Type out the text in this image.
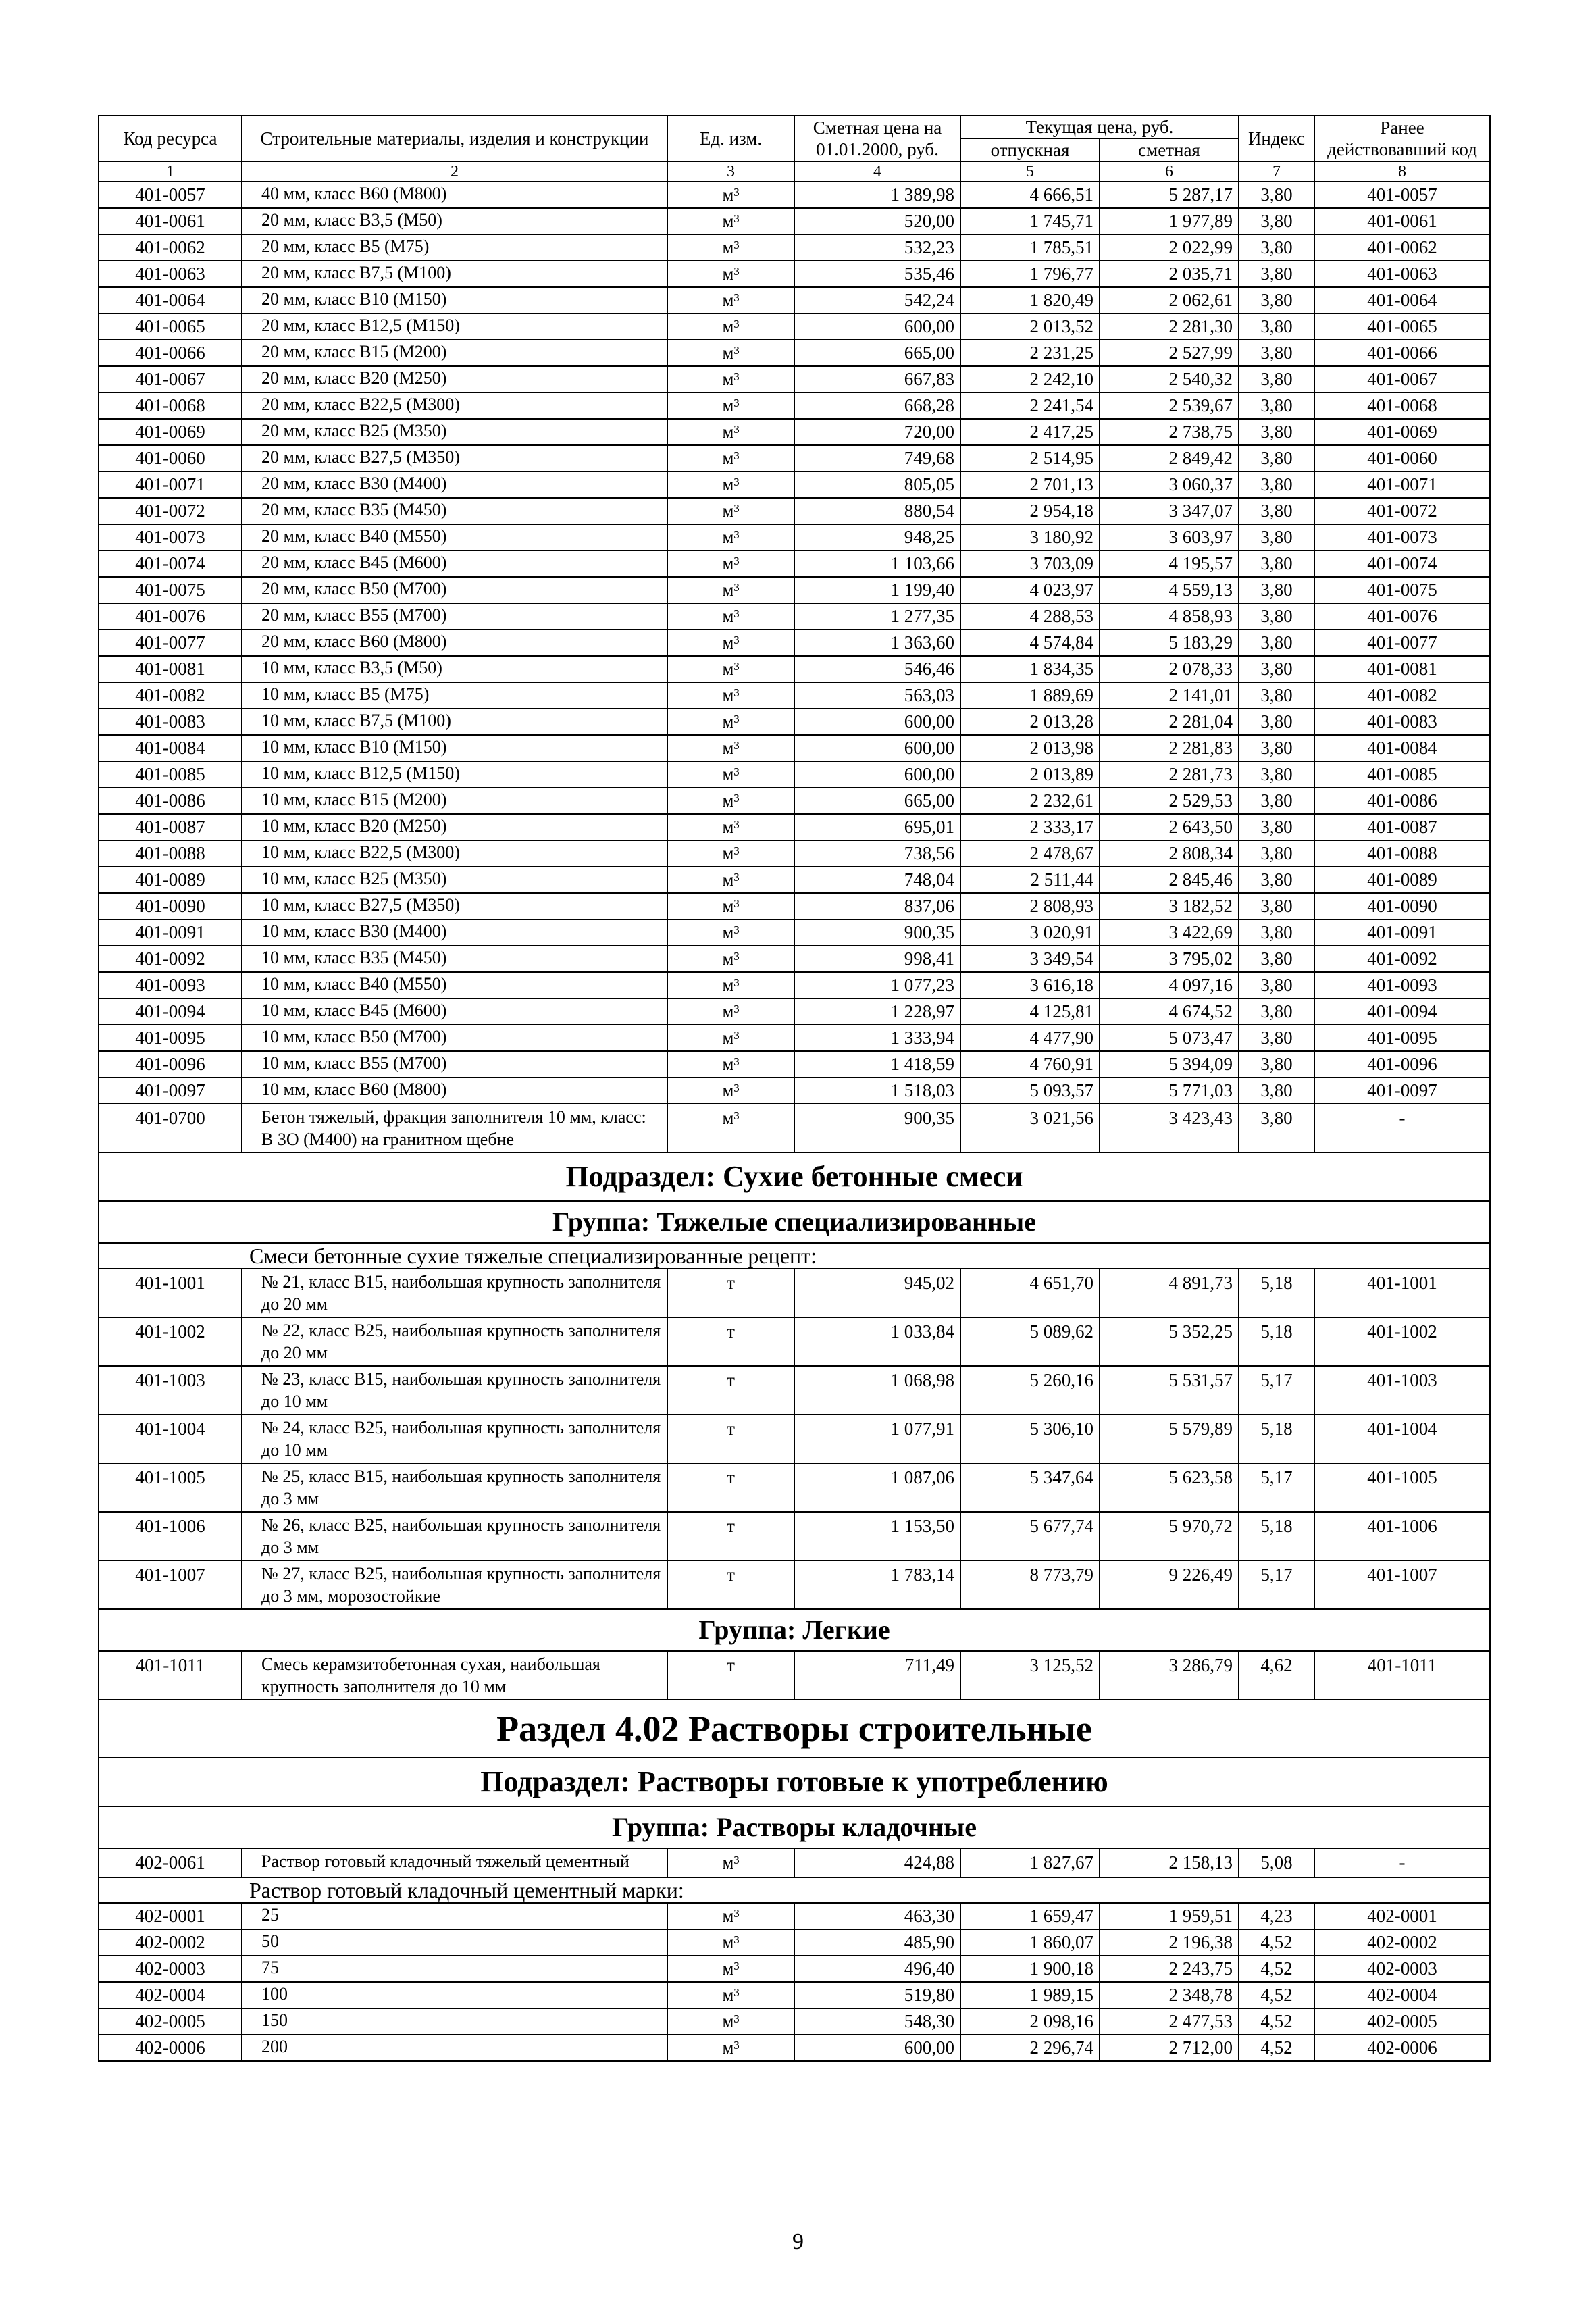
Код ресурса	Строительные материалы, изделия и конструкции	Ед. изм.	Сметная цена на 01.01.2000, руб.	Текущая цена, руб.		Индекс	Ранее действовавший код
				отпускная	сметная		
1	2	3	4	5	6	7	8
401-0057	40 мм, класс В60 (М800)	м³	1 389,98	4 666,51	5 287,17	3,80	401-0057
401-0061	20 мм, класс В3,5 (М50)	м³	520,00	1 745,71	1 977,89	3,80	401-0061
401-0062	20 мм, класс В5 (М75)	м³	532,23	1 785,51	2 022,99	3,80	401-0062
401-0063	20 мм, класс В7,5 (М100)	м³	535,46	1 796,77	2 035,71	3,80	401-0063
401-0064	20 мм, класс В10 (М150)	м³	542,24	1 820,49	2 062,61	3,80	401-0064
401-0065	20 мм, класс В12,5 (М150)	м³	600,00	2 013,52	2 281,30	3,80	401-0065
401-0066	20 мм, класс В15 (М200)	м³	665,00	2 231,25	2 527,99	3,80	401-0066
401-0067	20 мм, класс В20 (М250)	м³	667,83	2 242,10	2 540,32	3,80	401-0067
401-0068	20 мм, класс В22,5 (М300)	м³	668,28	2 241,54	2 539,67	3,80	401-0068
401-0069	20 мм, класс В25 (М350)	м³	720,00	2 417,25	2 738,75	3,80	401-0069
401-0060	20 мм, класс В27,5 (М350)	м³	749,68	2 514,95	2 849,42	3,80	401-0060
401-0071	20 мм, класс В30 (М400)	м³	805,05	2 701,13	3 060,37	3,80	401-0071
401-0072	20 мм, класс В35 (М450)	м³	880,54	2 954,18	3 347,07	3,80	401-0072
401-0073	20 мм, класс В40 (М550)	м³	948,25	3 180,92	3 603,97	3,80	401-0073
401-0074	20 мм, класс В45 (М600)	м³	1 103,66	3 703,09	4 195,57	3,80	401-0074
401-0075	20 мм, класс В50 (М700)	м³	1 199,40	4 023,97	4 559,13	3,80	401-0075
401-0076	20 мм, класс В55 (М700)	м³	1 277,35	4 288,53	4 858,93	3,80	401-0076
401-0077	20 мм, класс В60 (М800)	м³	1 363,60	4 574,84	5 183,29	3,80	401-0077
401-0081	10 мм, класс В3,5 (М50)	м³	546,46	1 834,35	2 078,33	3,80	401-0081
401-0082	10 мм, класс В5 (М75)	м³	563,03	1 889,69	2 141,01	3,80	401-0082
401-0083	10 мм, класс В7,5 (М100)	м³	600,00	2 013,28	2 281,04	3,80	401-0083
401-0084	10 мм, класс В10 (М150)	м³	600,00	2 013,98	2 281,83	3,80	401-0084
401-0085	10 мм, класс В12,5 (М150)	м³	600,00	2 013,89	2 281,73	3,80	401-0085
401-0086	10 мм, класс В15 (М200)	м³	665,00	2 232,61	2 529,53	3,80	401-0086
401-0087	10 мм, класс В20 (М250)	м³	695,01	2 333,17	2 643,50	3,80	401-0087
401-0088	10 мм, класс В22,5 (М300)	м³	738,56	2 478,67	2 808,34	3,80	401-0088
401-0089	10 мм, класс В25 (М350)	м³	748,04	2 511,44	2 845,46	3,80	401-0089
401-0090	10 мм, класс В27,5 (М350)	м³	837,06	2 808,93	3 182,52	3,80	401-0090
401-0091	10 мм, класс В30 (М400)	м³	900,35	3 020,91	3 422,69	3,80	401-0091
401-0092	10 мм, класс В35 (М450)	м³	998,41	3 349,54	3 795,02	3,80	401-0092
401-0093	10 мм, класс В40 (М550)	м³	1 077,23	3 616,18	4 097,16	3,80	401-0093
401-0094	10 мм, класс В45 (М600)	м³	1 228,97	4 125,81	4 674,52	3,80	401-0094
401-0095	10 мм, класс В50 (М700)	м³	1 333,94	4 477,90	5 073,47	3,80	401-0095
401-0096	10 мм, класс В55 (М700)	м³	1 418,59	4 760,91	5 394,09	3,80	401-0096
401-0097	10 мм, класс В60 (М800)	м³	1 518,03	5 093,57	5 771,03	3,80	401-0097
401-0700	Бетон тяжелый, фракция заполнителя 10 мм, класс: В 3О (М400) на гранитном щебне	м³	900,35	3 021,56	3 423,43	3,80	-
Подраздел: Сухие бетонные смеси							
Группа: Тяжелые специализированные							
Смеси бетонные сухие тяжелые специализированные рецепт:							
401-1001	№ 21, класс В15, наибольшая крупность заполнителя до 20 мм	т	945,02	4 651,70	4 891,73	5,18	401-1001
401-1002	№ 22, класс В25, наибольшая крупность заполнителя до 20 мм	т	1 033,84	5 089,62	5 352,25	5,18	401-1002
401-1003	№ 23, класс В15, наибольшая крупность заполнителя до 10 мм	т	1 068,98	5 260,16	5 531,57	5,17	401-1003
401-1004	№ 24, класс В25, наибольшая крупность заполнителя до 10 мм	т	1 077,91	5 306,10	5 579,89	5,18	401-1004
401-1005	№ 25, класс В15, наибольшая крупность заполнителя до 3 мм	т	1 087,06	5 347,64	5 623,58	5,17	401-1005
401-1006	№ 26, класс В25, наибольшая крупность заполнителя до 3 мм	т	1 153,50	5 677,74	5 970,72	5,18	401-1006
401-1007	№ 27, класс В25, наибольшая крупность заполнителя до 3 мм, морозостойкие	т	1 783,14	8 773,79	9 226,49	5,17	401-1007
Группа: Легкие							
401-1011	Смесь керамзитобетонная сухая, наибольшая крупность заполнителя до 10 мм	т	711,49	3 125,52	3 286,79	4,62	401-1011
Раздел 4.02 Растворы строительные							
Подраздел: Растворы готовые к употреблению							
Группа: Растворы кладочные							
402-0061	Раствор готовый кладочный тяжелый цементный	м³	424,88	1 827,67	2 158,13	5,08	-
Раствор готовый кладочный цементный марки:							
402-0001	25	м³	463,30	1 659,47	1 959,51	4,23	402-0001
402-0002	50	м³	485,90	1 860,07	2 196,38	4,52	402-0002
402-0003	75	м³	496,40	1 900,18	2 243,75	4,52	402-0003
402-0004	100	м³	519,80	1 989,15	2 348,78	4,52	402-0004
402-0005	150	м³	548,30	2 098,16	2 477,53	4,52	402-0005
402-0006	200	м³	600,00	2 296,74	2 712,00	4,52	402-0006
9
